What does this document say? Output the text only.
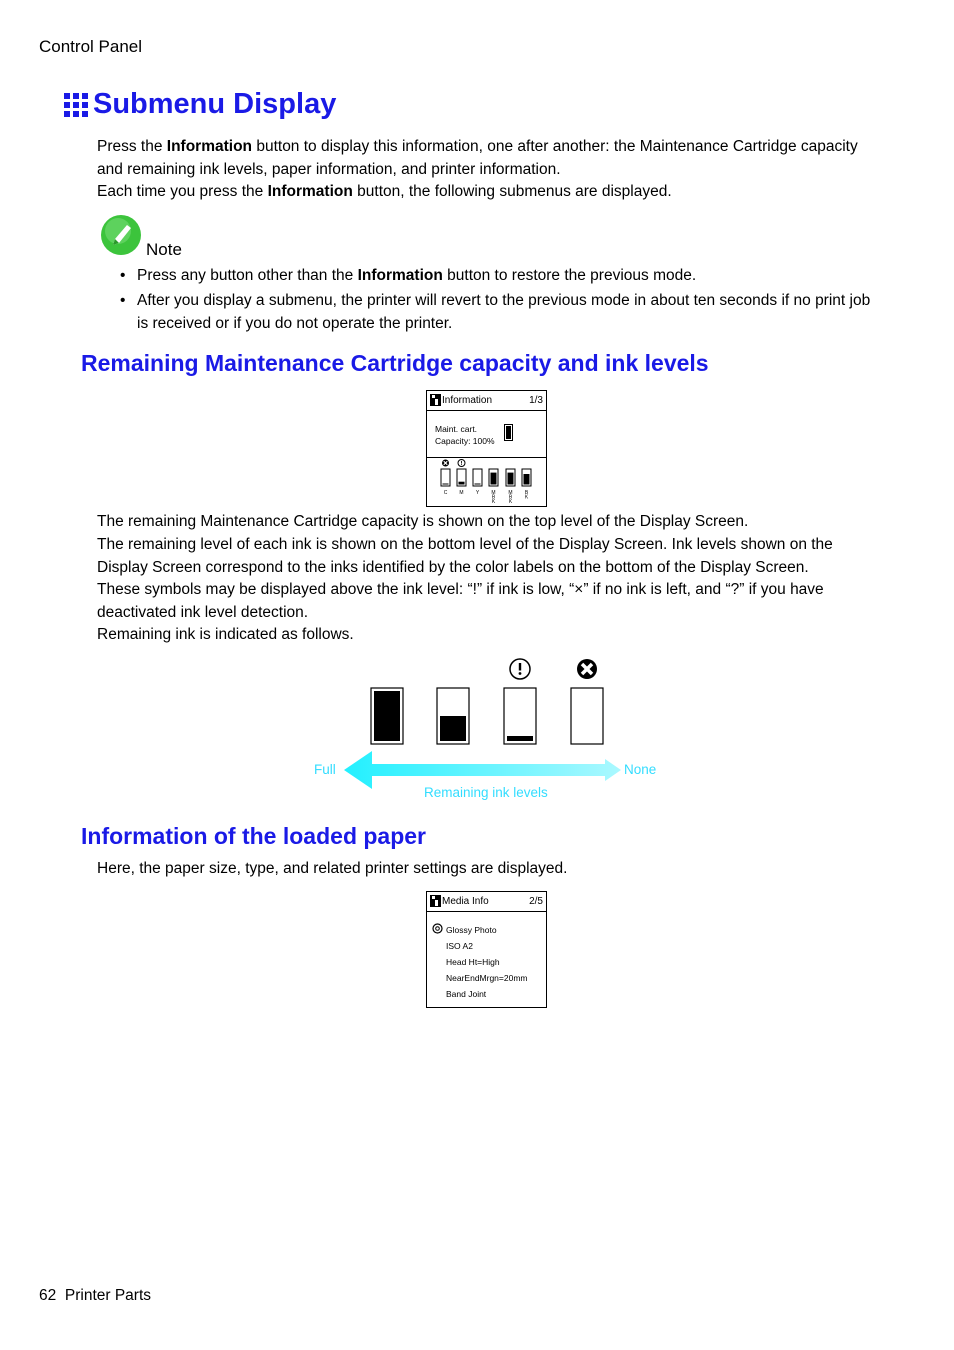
Control Panel
Submenu Display
Press the Information button to display this information, one after another: the Maintenance Cartridge capacity and remaining ink levels, paper information, and printer information.
Each time you press the Information button, the following submenus are displayed.
Note
• Press any button other than the Information button to restore the previous mode.
• After you display a submenu, the printer will revert to the previous mode in about ten seconds if no print job is received or if you do not operate the printer.
Remaining Maintenance Cartridge capacity and ink levels
Information	1/3
Maint. cart.
Capacity: 100%
C M Y M B K
M B K
B K
The remaining Maintenance Cartridge capacity is shown on the top level of the Display Screen.
The remaining level of each ink is shown on the bottom level of the Display Screen. Ink levels shown on the Display Screen correspond to the inks identified by the color labels on the bottom of the Display Screen.
These symbols may be displayed above the ink level: “!” if ink is low, “×” if no ink is left, and “?” if you have deactivated ink level detection.
Remaining ink is indicated as follows.
Full	None
Remaining ink levels
Information of the loaded paper
Here, the paper size, type, and related printer settings are displayed.
Media Info	2/5
Glossy Photo
ISO A2
Head Ht=High
NearEndMrgn=20mm
Band Joint
62 Printer Parts
